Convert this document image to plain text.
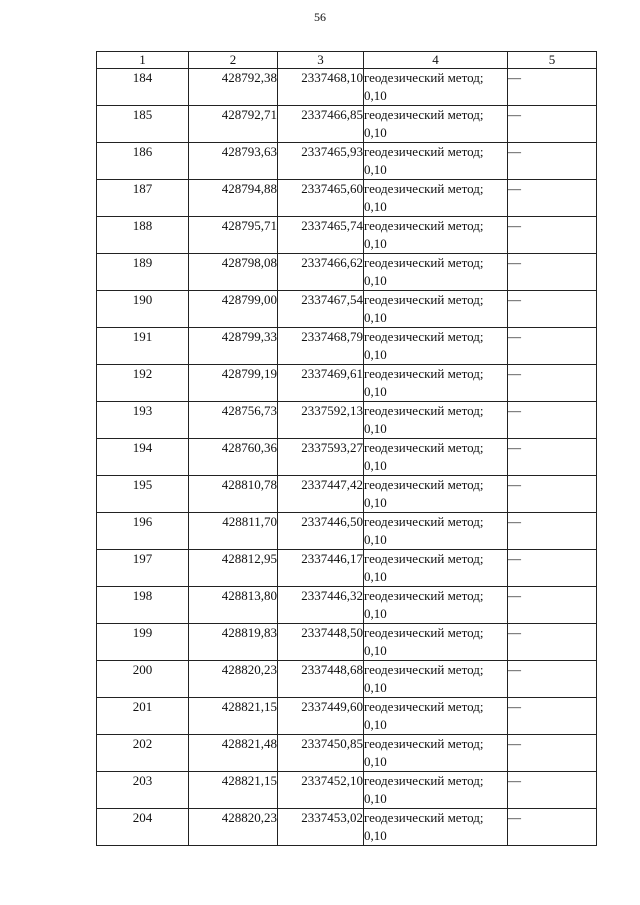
56
1	2	3	4	5
184	428792,38	2337468,10	геодезический метод; 0,10	—
185	428792,71	2337466,85	геодезический метод; 0,10	—
186	428793,63	2337465,93	геодезический метод; 0,10	—
187	428794,88	2337465,60	геодезический метод; 0,10	—
188	428795,71	2337465,74	геодезический метод; 0,10	—
189	428798,08	2337466,62	геодезический метод; 0,10	—
190	428799,00	2337467,54	геодезический метод; 0,10	—
191	428799,33	2337468,79	геодезический метод; 0,10	—
192	428799,19	2337469,61	геодезический метод; 0,10	—
193	428756,73	2337592,13	геодезический метод; 0,10	—
194	428760,36	2337593,27	геодезический метод; 0,10	—
195	428810,78	2337447,42	геодезический метод; 0,10	—
196	428811,70	2337446,50	геодезический метод; 0,10	—
197	428812,95	2337446,17	геодезический метод; 0,10	—
198	428813,80	2337446,32	геодезический метод; 0,10	—
199	428819,83	2337448,50	геодезический метод; 0,10	—
200	428820,23	2337448,68	геодезический метод; 0,10	—
201	428821,15	2337449,60	геодезический метод; 0,10	—
202	428821,48	2337450,85	геодезический метод; 0,10	—
203	428821,15	2337452,10	геодезический метод; 0,10	—
204	428820,23	2337453,02	геодезический метод; 0,10	—
